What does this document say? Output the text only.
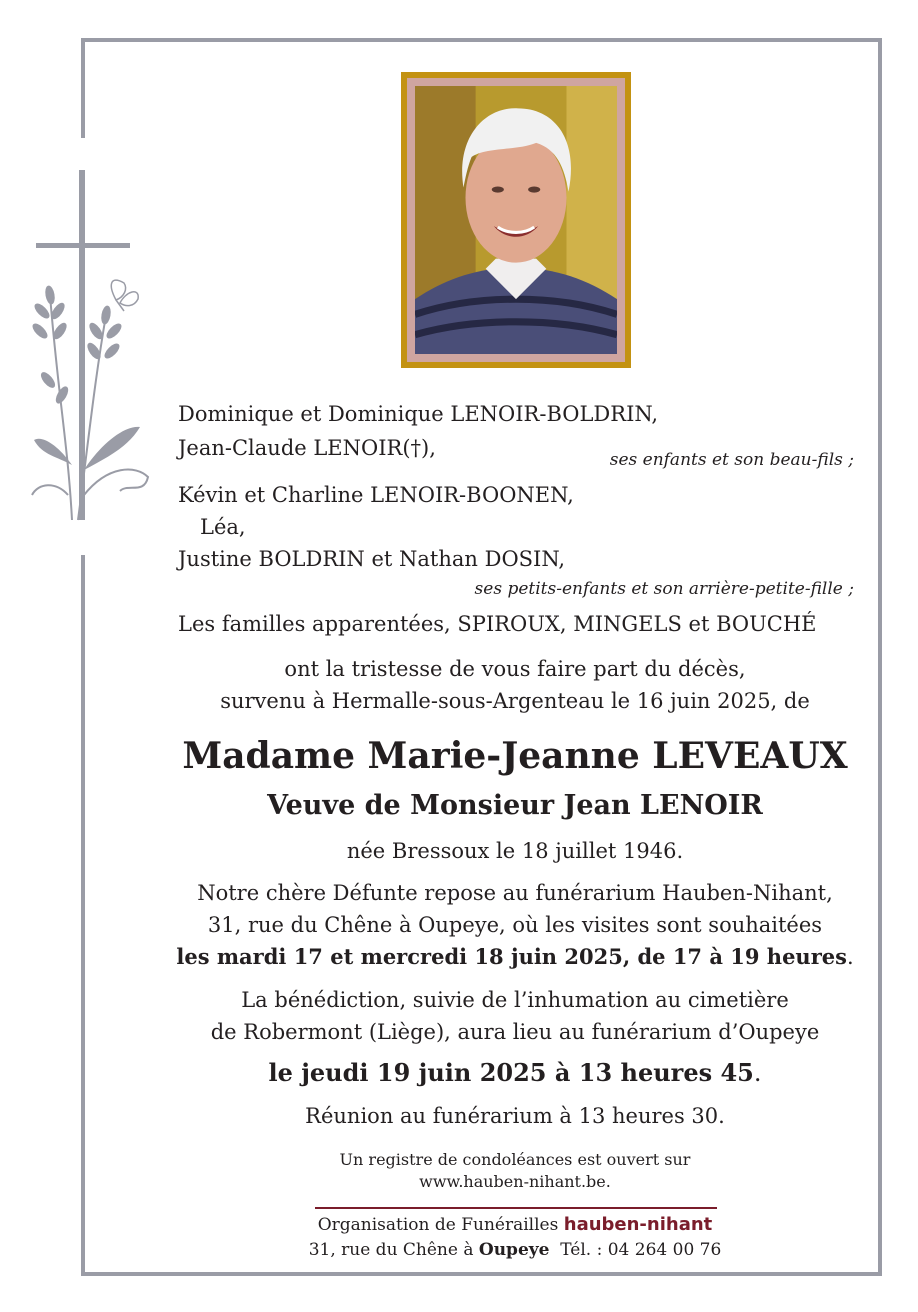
Dominique et Dominique LENOIR-BOLDRIN,
Jean-Claude LENOIR(†),	ses enfants et son beau-fils ;
Kévin et Charline LENOIR-BOONEN,
Léa,
Justine BOLDRIN et Nathan DOSIN,
ses petits-enfants et son arrière-petite-fille ;
Les familles apparentées, SPIROUX, MINGELS et BOUCHÉ
ont la tristesse de vous faire part du décès,
survenu à Hermalle-sous-Argenteau le 16 juin 2025, de
Madame Marie-Jeanne LEVEAUX
Veuve de Monsieur Jean LENOIR
née Bressoux le 18 juillet 1946.
Notre chère Défunte repose au funérarium Hauben-Nihant,
31, rue du Chêne à Oupeye, où les visites sont souhaitées
les mardi 17 et mercredi 18 juin 2025, de 17 à 19 heures.
La bénédiction, suivie de l’inhumation au cimetière
de Robermont (Liège), aura lieu au funérarium d’Oupeye
le jeudi 19 juin 2025 à 13 heures 45.
Réunion au funérarium à 13 heures 30.
Un registre de condoléances est ouvert sur
www.hauben-nihant.be.
Organisation de Funérailles hauben-nihant
31, rue du Chêne à Oupeye Tél. : 04 264 00 76
